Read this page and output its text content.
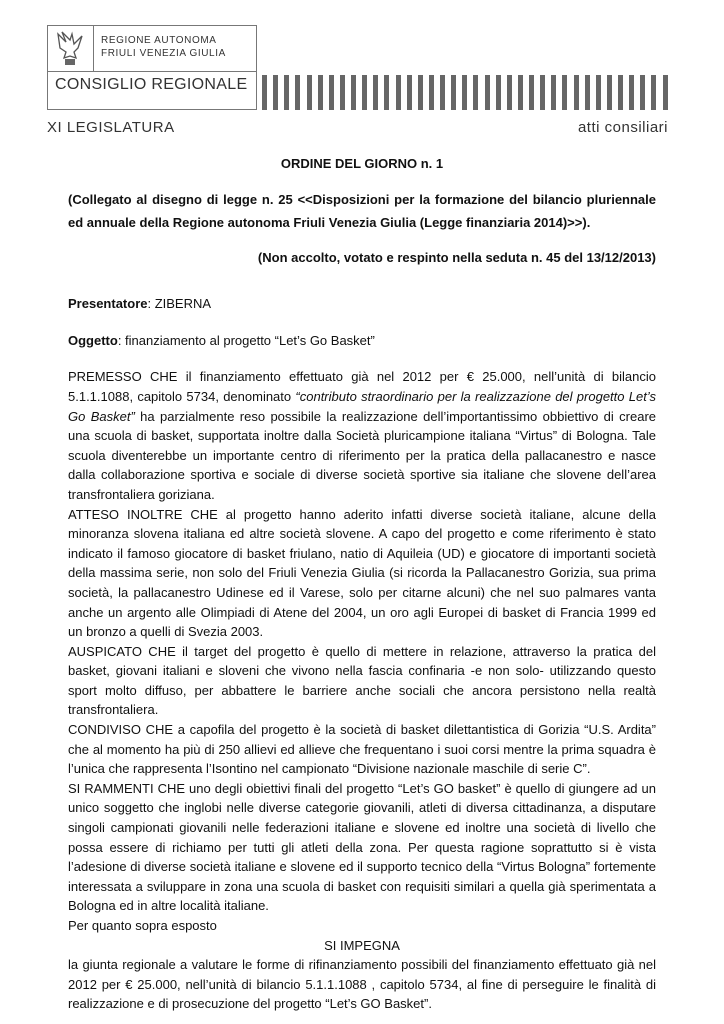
REGIONE AUTONOMA
FRIULI VENEZIA GIULIA
CONSIGLIO REGIONALE
XI LEGISLATURA	atti consiliari
ORDINE DEL GIORNO n. 1
(Collegato al disegno di legge n. 25 <<Disposizioni per la formazione del bilancio pluriennale ed annuale della Regione autonoma Friuli Venezia Giulia (Legge finanziaria 2014)>>).
(Non accolto, votato e respinto nella seduta n. 45 del 13/12/2013)
Presentatore: ZIBERNA
Oggetto: finanziamento al progetto “Let’s Go Basket”

PREMESSO CHE il finanziamento effettuato già nel 2012 per € 25.000, nell’unità di bilancio 5.1.1.1088, capitolo 5734, denominato “contributo straordinario per la realizzazione del progetto Let’s Go Basket” ha parzialmente reso possibile la realizzazione dell’importantissimo obbiettivo di creare una scuola di basket, supportata inoltre dalla Società pluricampione italiana “Virtus” di Bologna. Tale scuola diventerebbe un importante centro di riferimento per la pratica della pallacanestro e nasce dalla collaborazione sportiva e sociale di diverse società sportive sia italiane che slovene dell’area transfrontaliera goriziana.

ATTESO INOLTRE CHE al progetto hanno aderito infatti diverse società italiane, alcune della minoranza slovena italiana ed altre società slovene. A capo del progetto e come riferimento è stato indicato il famoso giocatore di basket friulano, natio di Aquileia (UD) e giocatore di importanti società della massima serie, non solo del Friuli Venezia Giulia (si ricorda la Pallacanestro Gorizia, sua prima società, la pallacanestro Udinese ed il Varese, solo per citarne alcuni) che nel suo palmares vanta anche un argento alle Olimpiadi di Atene del 2004, un oro agli Europei di basket di Francia 1999 ed un bronzo a quelli di Svezia 2003.

AUSPICATO CHE il target del progetto è quello di mettere in relazione, attraverso la pratica del basket, giovani italiani e sloveni che vivono nella fascia confinaria -e non solo- utilizzando questo sport molto diffuso, per abbattere le barriere anche sociali che ancora persistono nella realtà transfrontaliera.

CONDIVISO CHE a capofila del progetto è la società di basket dilettantistica di Gorizia “U.S. Ardita” che al momento ha più di 250 allievi ed allieve che frequentano i suoi corsi mentre la prima squadra è l’unica che rappresenta l’Isontino nel campionato “Divisione nazionale maschile di serie C”.

SI RAMMENTI CHE uno degli obiettivi finali del progetto “Let’s GO basket” è quello di giungere ad un unico soggetto che inglobi nelle diverse categorie giovanili, atleti di diversa cittadinanza, a disputare singoli campionati giovanili nelle federazioni italiane e slovene ed inoltre una società di livello che possa essere di richiamo per tutti gli atleti della zona. Per questa ragione soprattutto si è vista l’adesione di diverse società italiane e slovene ed il supporto tecnico della “Virtus Bologna” fortemente interessata a sviluppare in zona una scuola di basket con requisiti similari a quella già sperimentata a Bologna ed in altre località italiane.

Per quanto sopra esposto

SI IMPEGNA

la giunta regionale a valutare le forme di rifinanziamento possibili del finanziamento effettuato già nel 2012 per € 25.000, nell’unità di bilancio 5.1.1.1088 , capitolo 5734, al fine di perseguire le finalità di realizzazione e di prosecuzione del progetto “Let’s GO Basket”.
